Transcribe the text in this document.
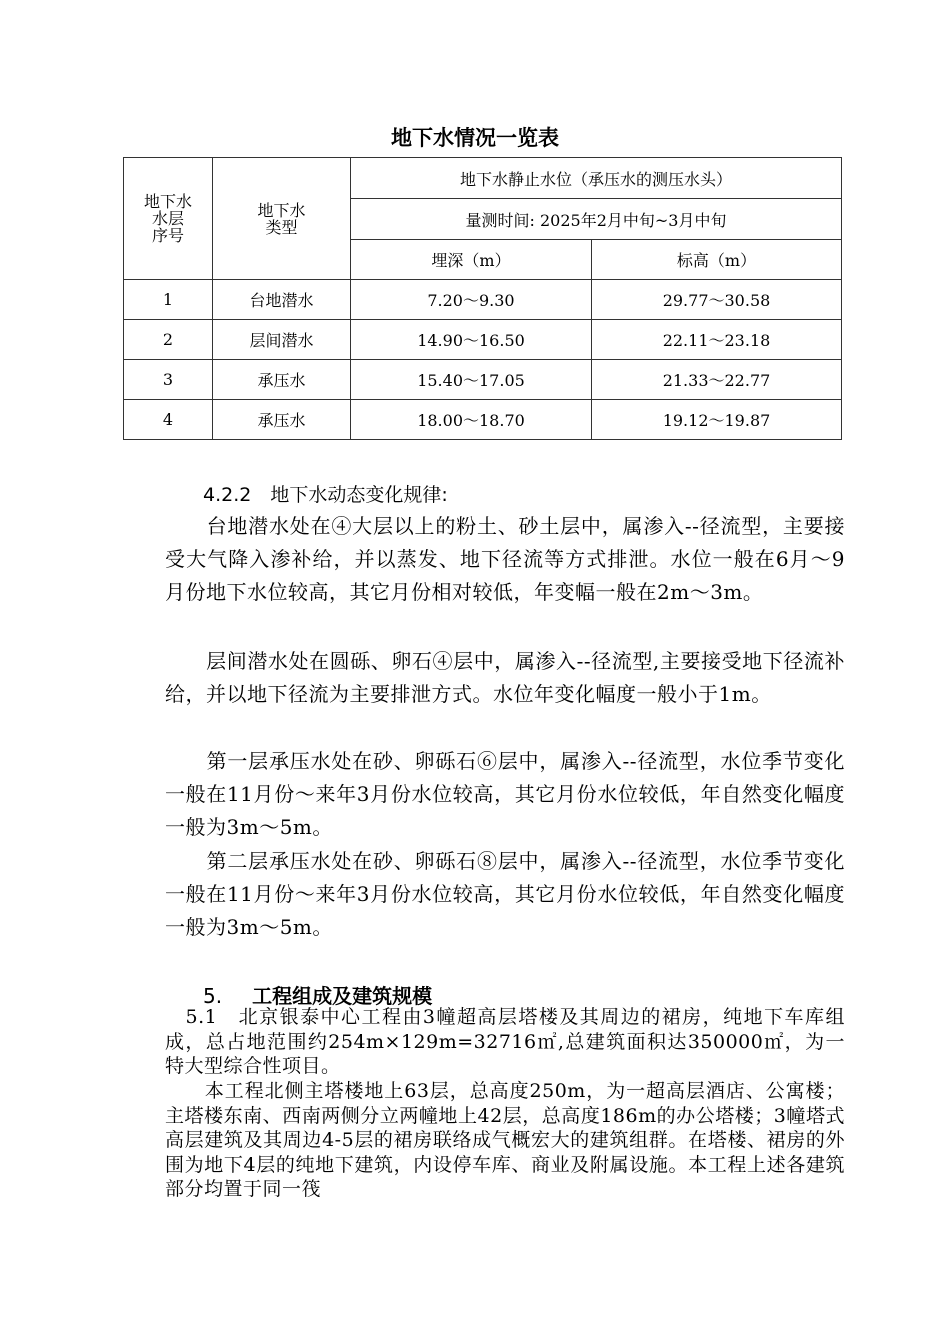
地下水情况一览表
地下水
水层
序号	地下水
类型	地下水静止水位（承压水的测压水头）	
		量测时间: 2025年2月中旬~3月中旬	
		埋深（m）	标高（m）
1	台地潜水	7.20～9.30	29.77～30.58
2	层间潜水	14.90～16.50	22.11～23.18
3	承压水	15.40～17.05	21.33～22.77
4	承压水	18.00～18.70	19.12～19.87
4.2.2　地下水动态变化规律:
　　台地潜水处在④大层以上的粉土、砂土层中，属渗入--径流型，主要接受大气降入渗补给，并以蒸发、地下径流等方式排泄。水位一般在6月～9月份地下水位较高，其它月份相对较低，年变幅一般在2m～3m。
　　层间潜水处在圆砾、卵石④层中，属渗入--径流型,主要接受地下径流补给，并以地下径流为主要排泄方式。水位年变化幅度一般小于1m。
　　第一层承压水处在砂、卵砾石⑥层中，属渗入--径流型，水位季节变化一般在11月份～来年3月份水位较高，其它月份水位较低，年自然变化幅度一般为3m～5m。
　　第二层承压水处在砂、卵砾石⑧层中，属渗入--径流型，水位季节变化一般在11月份～来年3月份水位较高，其它月份水位较低，年自然变化幅度一般为3m～5m。
5. 工程组成及建筑规模
　5.1　北京银泰中心工程由3幢超高层塔楼及其周边的裙房，纯地下车库组成，总占地范围约254m×129m=32716㎡,总建筑面积达350000㎡，为一特大型综合性项目。
　　本工程北侧主塔楼地上63层，总高度250m，为一超高层酒店、公寓楼；主塔楼东南、西南两侧分立两幢地上42层，总高度186m的办公塔楼；3幢塔式高层建筑及其周边4-5层的裙房联络成气概宏大的建筑组群。在塔楼、裙房的外围为地下4层的纯地下建筑，内设停车库、商业及附属设施。本工程上述各建筑部分均置于同一筏
